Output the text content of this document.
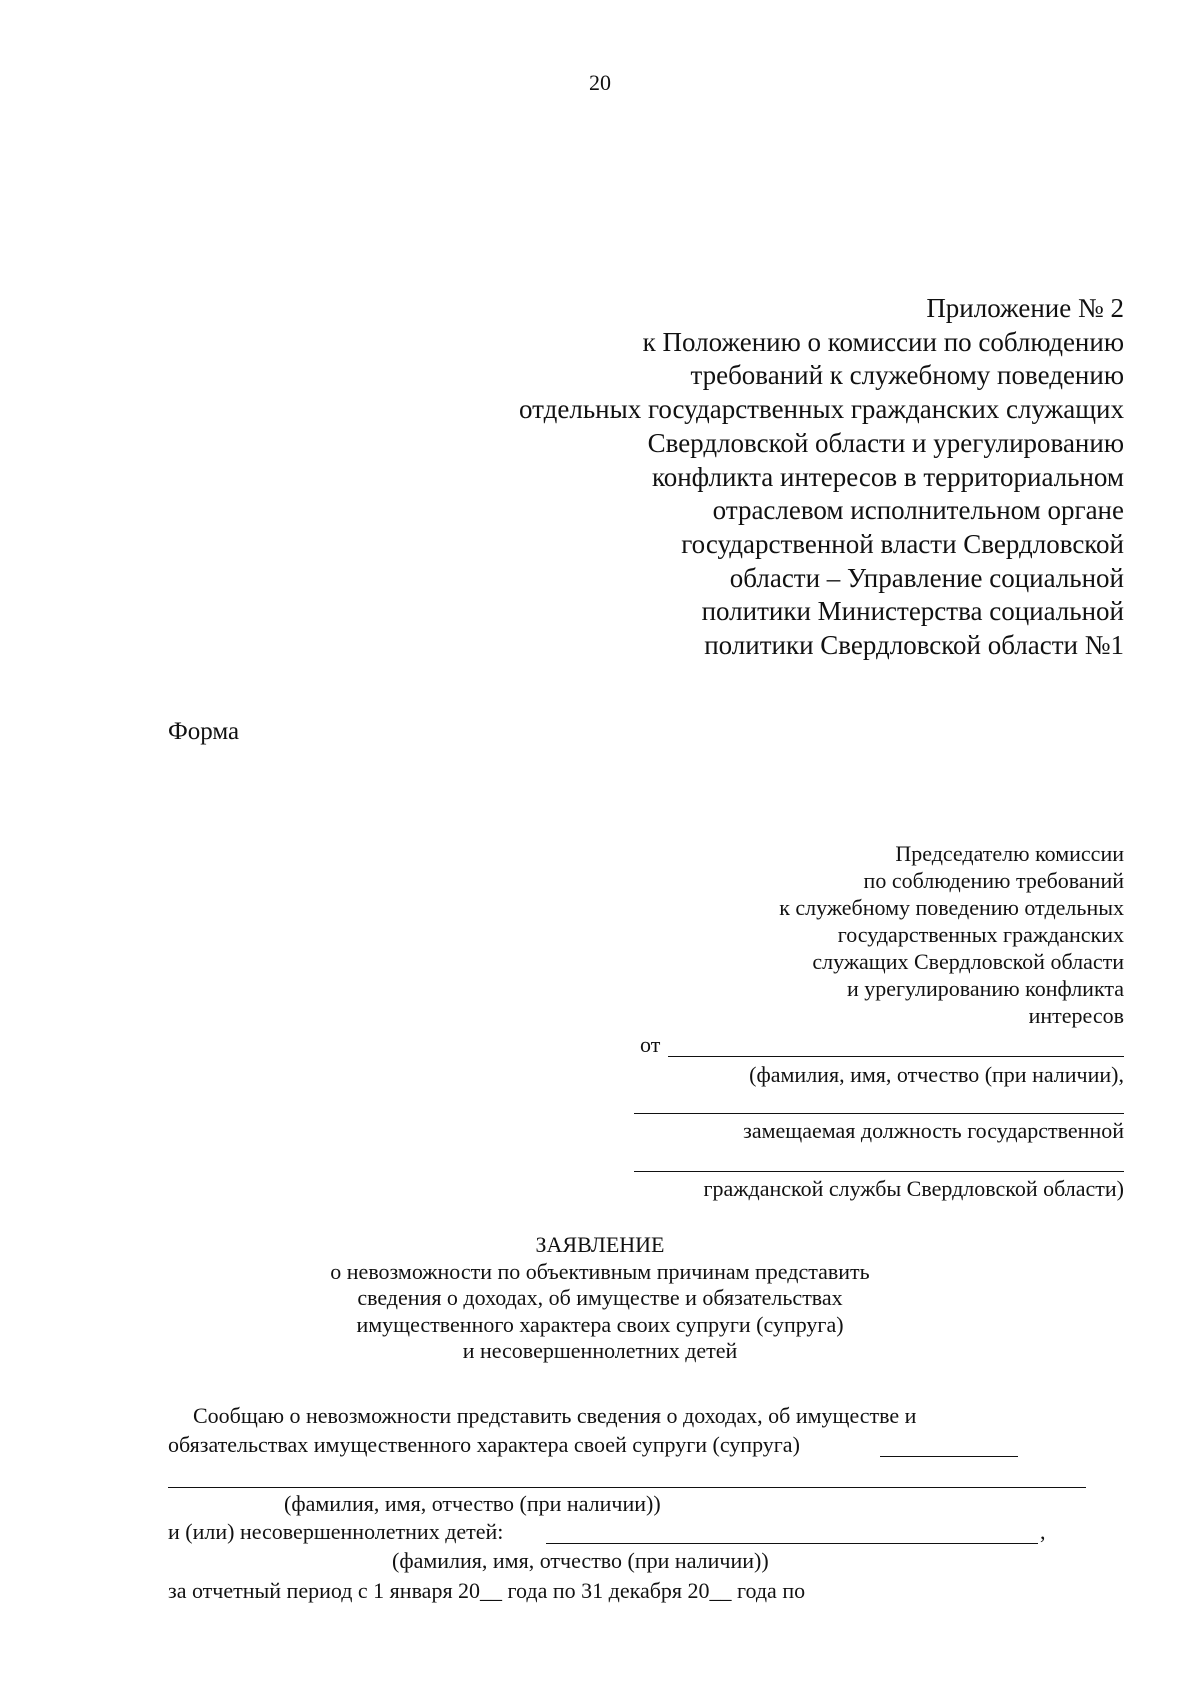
20
Приложение № 2
к Положению о комиссии по соблюдению
требований к служебному поведению
отдельных государственных гражданских служащих
Свердловской области и урегулированию
конфликта интересов в территориальном
отраслевом исполнительном органе
государственной власти Свердловской
области – Управление социальной
политики Министерства социальной
политики Свердловской области №1
Форма
Председателю комиссии
по соблюдению требований
к служебному поведению отдельных
государственных гражданских
служащих Свердловской области
и урегулированию конфликта
интересов
от
(фамилия, имя, отчество (при наличии),
замещаемая должность государственной
гражданской службы Свердловской области)
ЗАЯВЛЕНИЕ
о невозможности по объективным причинам представить
сведения о доходах, об имуществе и обязательствах
имущественного характера своих супруги (супруга)
и несовершеннолетних детей
Сообщаю о невозможности представить сведения о доходах, об имуществе и
обязательствах имущественного характера своей супруги (супруга)
(фамилия, имя, отчество (при наличии))
и (или) несовершеннолетних детей:	,
(фамилия, имя, отчество (при наличии))
за отчетный период с 1 января 20__ года по 31 декабря 20__ года по
